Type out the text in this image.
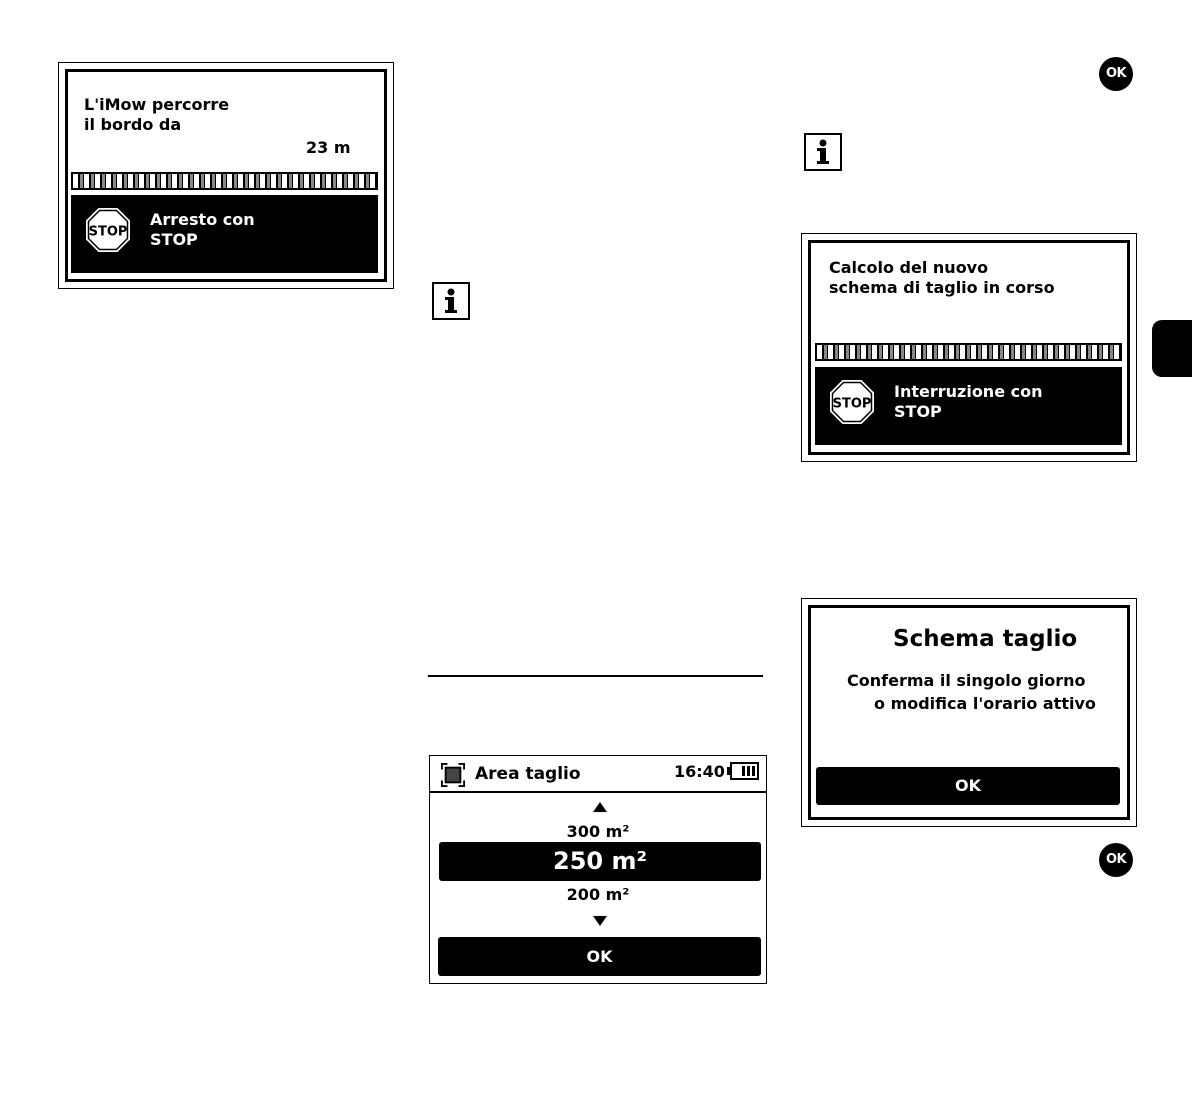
L'iMow percorre
il bordo da
23 m
STOP
Arresto con
STOP
Area taglio	16:40
300 m²
250 m²
200 m²
OK
OK
Calcolo del nuovo
schema di taglio in corso
STOP
Interruzione con
STOP
Schema taglio
Conferma il singolo giorno
o modifica l'orario attivo
OK
OK
